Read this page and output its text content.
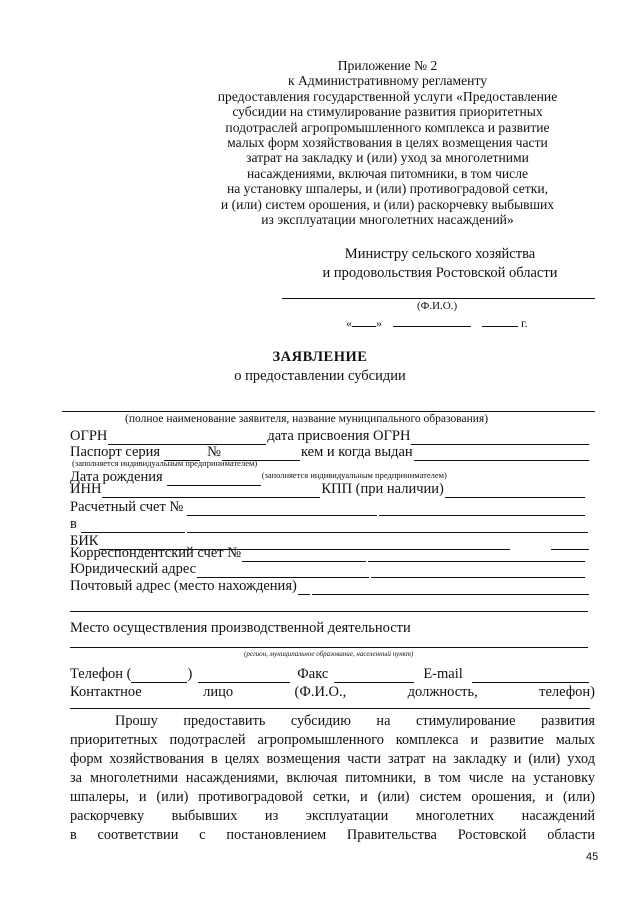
Приложение № 2
к Административному регламенту
предоставления государственной услуги «Предоставление
субсидии на стимулирование развития приоритетных
подотраслей агропромышленного комплекса и развитие
малых форм хозяйствования в целях возмещения части
затрат на закладку и (или) уход за многолетними
насаждениями, включая питомники, в том числе
на установку шпалеры, и (или) противоградовой сетки,
и (или) систем орошения, и (или) раскорчевку выбывших
из эксплуатации многолетних насаждений»
Министру сельского хозяйства
и продовольствия Ростовской области
(Ф.И.О.)
« »	г.
ЗАЯВЛЕНИЕ
о предоставлении субсидии
(полное наименование заявителя, название муниципального образования)
ОГРН	дата присвоения ОГРН
Паспорт серия	№	кем и когда выдан
(заполняется индивидуальным предпринимателем)
Дата рождения	(заполняется индивидуальным предпринимателем)
ИНН	КПП (при наличии)
Расчетный счет №
в
БИК
Корреспондентский счет №
Юридический адрес
Почтовый адрес (место нахождения)
Место осуществления производственной деятельности
(регион, муниципальное образование, населенный пункт)
Телефон (	)	Факс	E-mail
Контактное	лицо	(Ф.И.О.,	должность,	телефон)
Прошу предоставить субсидию на стимулирование развития
приоритетных подотраслей агропромышленного комплекса и развитие малых
форм хозяйствования в целях возмещения части затрат на закладку и (или) уход
за многолетними насаждениями, включая питомники, в том числе на установку
шпалеры, и (или) противоградовой сетки, и (или) систем орошения, и (или)
раскорчевку выбывших из эксплуатации многолетних насаждений
в соответствии с постановлением Правительства Ростовской области
45
